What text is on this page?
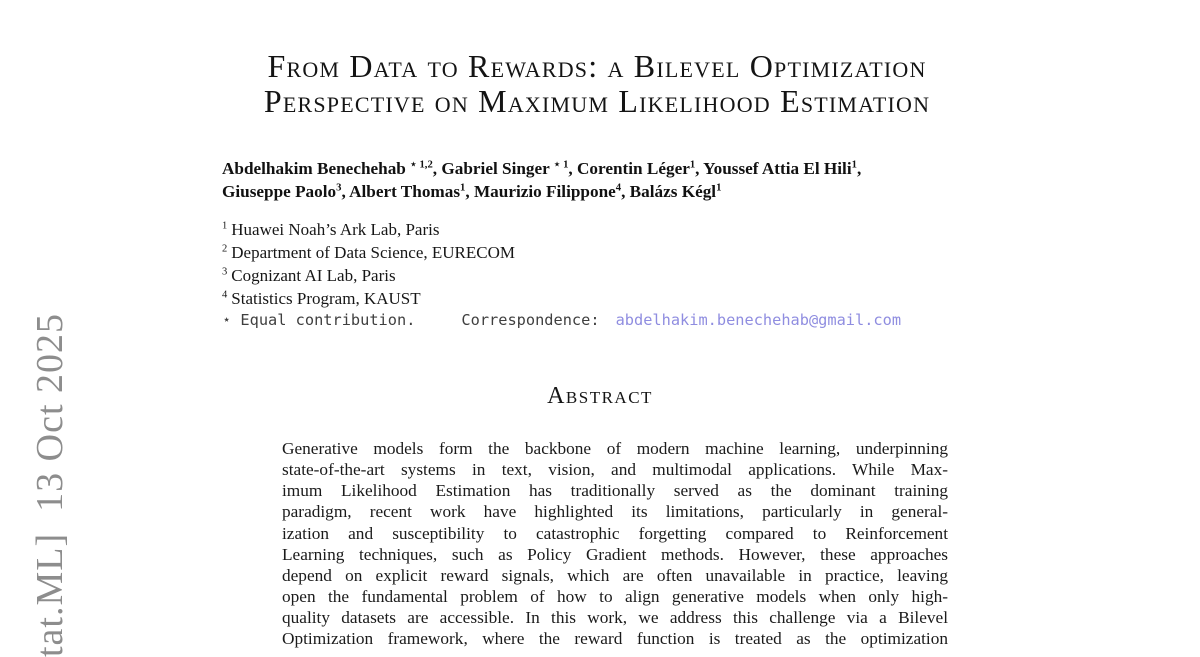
tat.ML]  13 Oct 2025
From Data to Rewards: a Bilevel Optimization
Perspective on Maximum Likelihood Estimation
Abdelhakim Benechehab $^{⋆ 1,2}$, Gabriel Singer $^{⋆ 1}$, Corentin Léger$^1$, Youssef Attia El Hili$^1$,
Giuseppe Paolo$^3$, Albert Thomas$^1$, Maurizio Filippone$^4$, Balázs Kégl$^1$
$^1$ Huawei Noah’s Ark Lab, Paris
$^2$ Department of Data Science, EURECOM
$^3$ Cognizant AI Lab, Paris
$^4$ Statistics Program, KAUST
⋆ Equal contribution.	Correspondence: abdelhakim.benechehab@gmail.com
Abstract
Generative models form the backbone of modern machine learning, underpinning
state-of-the-art systems in text, vision, and multimodal applications. While Max-
imum Likelihood Estimation has traditionally served as the dominant training
paradigm, recent work have highlighted its limitations, particularly in general-
ization and susceptibility to catastrophic forgetting compared to Reinforcement
Learning techniques, such as Policy Gradient methods. However, these approaches
depend on explicit reward signals, which are often unavailable in practice, leaving
open the fundamental problem of how to align generative models when only high-
quality datasets are accessible. In this work, we address this challenge via a Bilevel
Optimization framework, where the reward function is treated as the optimization
